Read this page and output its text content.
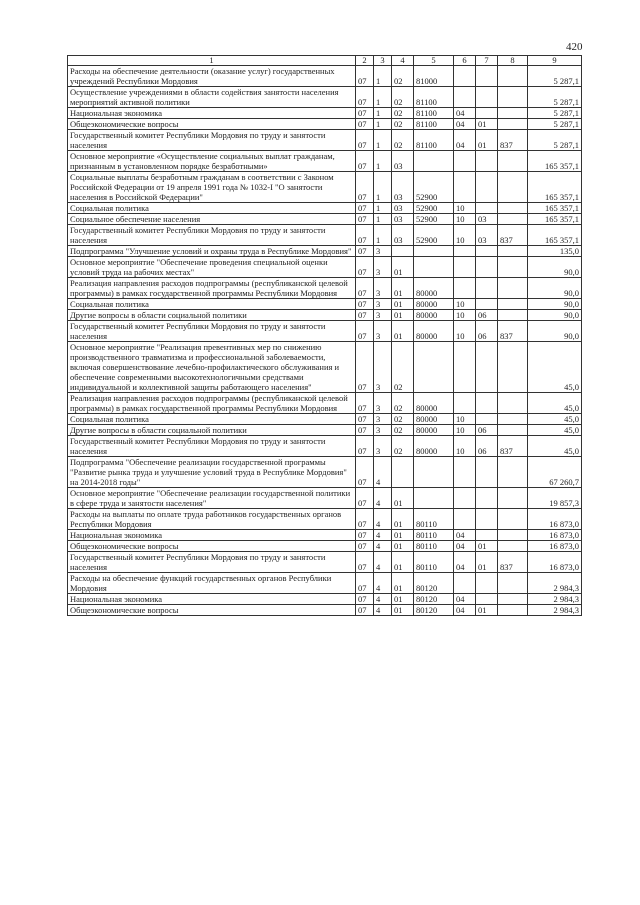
420
1	2	3	4	5	6	7	8	9
Расходы на обеспечение деятельности (оказание услуг) государственных учреждений Республики Мордовия	07	1	02	81000				5 287,1
Осуществление учреждениями в области содействия занятости населения мероприятий активной политики	07	1	02	81100				5 287,1
Национальная экономика	07	1	02	81100	04			5 287,1
Общеэкономические вопросы	07	1	02	81100	04	01		5 287,1
Государственный комитет Республики Мордовия по труду и занятости населения	07	1	02	81100	04	01	837	5 287,1
Основное мероприятие «Осуществление социальных выплат гражданам, признанным в установленном порядке безработными»	07	1	03					165 357,1
Социальные выплаты безработным гражданам в соответствии с Законом Российской Федерации от 19 апреля 1991 года № 1032-I "О занятости населения в Российской Федерации"	07	1	03	52900				165 357,1
Социальная политика	07	1	03	52900	10			165 357,1
Социальное обеспечение населения	07	1	03	52900	10	03		165 357,1
Государственный комитет Республики Мордовия по труду и занятости населения	07	1	03	52900	10	03	837	165 357,1
Подпрограмма "Улучшение условий и охраны труда в Республике Мордовия"	07	3						135,0
Основное мероприятие "Обеспечение проведения специальной оценки условий труда на рабочих местах"	07	3	01					90,0
Реализация направления расходов подпрограммы (республиканской целевой программы) в рамках государственной программы Республики Мордовия	07	3	01	80000				90,0
Социальная политика	07	3	01	80000	10			90,0
Другие вопросы в области социальной политики	07	3	01	80000	10	06		90,0
Государственный комитет Республики Мордовия по труду и занятости населения	07	3	01	80000	10	06	837	90,0
Основное мероприятие "Реализация превентивных мер по снижению производственного травматизма и профессиональной заболеваемости, включая совершенствование лечебно-профилактического обслуживания и обеспечение современными высокотехнологичными средствами индивидуальной и коллективной защиты работающего населения"	07	3	02					45,0
Реализация направления расходов подпрограммы (республиканской целевой программы) в рамках государственной программы Республики Мордовия	07	3	02	80000				45,0
Социальная политика	07	3	02	80000	10			45,0
Другие вопросы в области социальной политики	07	3	02	80000	10	06		45,0
Государственный комитет Республики Мордовия по труду и занятости населения	07	3	02	80000	10	06	837	45,0
Подпрограмма "Обеспечение реализации государственной программы "Развитие рынка труда и улучшение условий труда в Республике Мордовия" на 2014-2018 годы"	07	4						67 260,7
Основное мероприятие "Обеспечение реализации государственной политики в сфере труда и занятости населения"	07	4	01					19 857,3
Расходы на выплаты по оплате труда работников государственных органов Республики Мордовия	07	4	01	80110				16 873,0
Национальная экономика	07	4	01	80110	04			16 873,0
Общеэкономические вопросы	07	4	01	80110	04	01		16 873,0
Государственный комитет Республики Мордовия по труду и занятости населения	07	4	01	80110	04	01	837	16 873,0
Расходы на обеспечение функций государственных органов Республики Мордовия	07	4	01	80120				2 984,3
Национальная экономика	07	4	01	80120	04			2 984,3
Общеэкономические вопросы	07	4	01	80120	04	01		2 984,3
